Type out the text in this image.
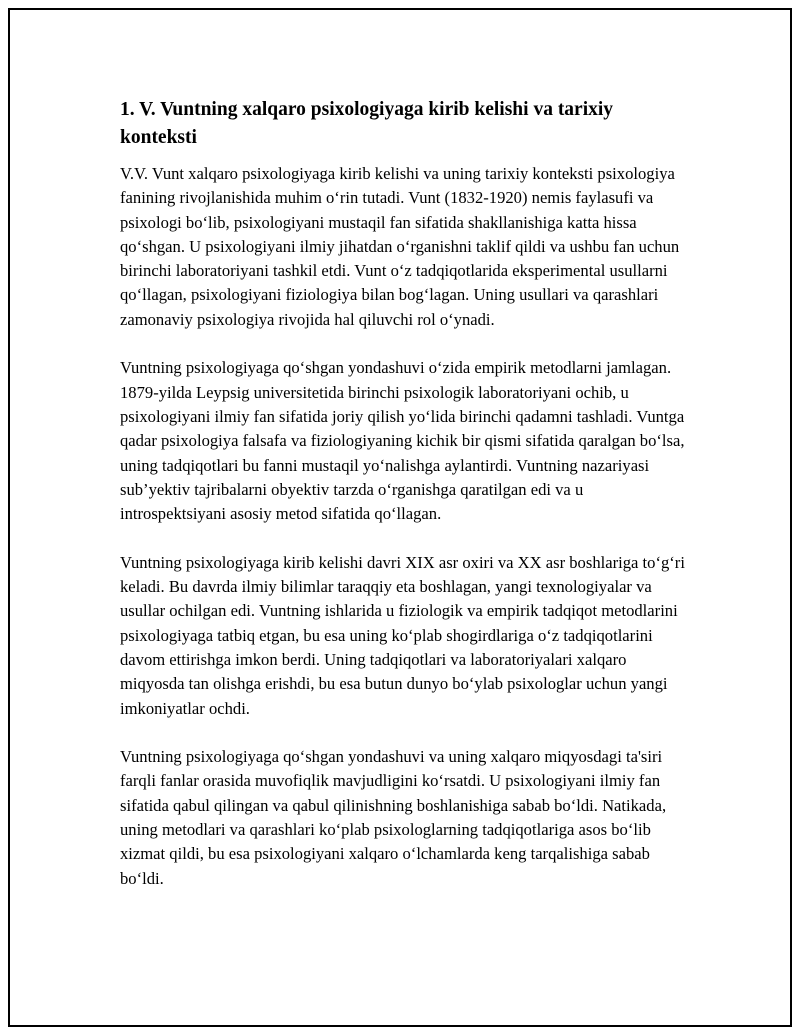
1. V. Vuntning xalqaro psixologiyaga kirib kelishi va tarixiy konteksti

V.V. Vunt xalqaro psixologiyaga kirib kelishi va uning tarixiy konteksti psixologiya fanining rivojlanishida muhim o‘rin tutadi. Vunt (1832-1920) nemis faylasufi va psixologi bo‘lib, psixologiyani mustaqil fan sifatida shakllanishiga katta hissa qo‘shgan. U psixologiyani ilmiy jihatdan o‘rganishni taklif qildi va ushbu fan uchun birinchi laboratoriyani tashkil etdi. Vunt o‘z tadqiqotlarida eksperimental usullarni qo‘llagan, psixologiyani fiziologiya bilan bog‘lagan. Uning usullari va qarashlari zamonaviy psixologiya rivojida hal qiluvchi rol o‘ynadi.

Vuntning psixologiyaga qo‘shgan yondashuvi o‘zida empirik metodlarni jamlagan. 1879-yilda Leypsig universitetida birinchi psixologik laboratoriyani ochib, u psixologiyani ilmiy fan sifatida joriy qilish yo‘lida birinchi qadamni tashladi. Vuntga qadar psixologiya falsafa va fiziologiyaning kichik bir qismi sifatida qaralgan bo‘lsa, uning tadqiqotlari bu fanni mustaqil yo‘nalishga aylantirdi. Vuntning nazariyasi sub’yektiv tajribalarni obyektiv tarzda o‘rganishga qaratilgan edi va u introspektsiyani asosiy metod sifatida qo‘llagan.

Vuntning psixologiyaga kirib kelishi davri XIX asr oxiri va XX asr boshlariga to‘g‘ri keladi. Bu davrda ilmiy bilimlar taraqqiy eta boshlagan, yangi texnologiyalar va usullar ochilgan edi. Vuntning ishlarida u fiziologik va empirik tadqiqot metodlarini psixologiyaga tatbiq etgan, bu esa uning ko‘plab shogirdlariga o‘z tadqiqotlarini davom ettirishga imkon berdi. Uning tadqiqotlari va laboratoriyalari xalqaro miqyosda tan olishga erishdi, bu esa butun dunyo bo‘ylab psixologlar uchun yangi imkoniyatlar ochdi.

Vuntning psixologiyaga qo‘shgan yondashuvi va uning xalqaro miqyosdagi ta'siri farqli fanlar orasida muvofiqlik mavjudligini ko‘rsatdi. U psixologiyani ilmiy fan sifatida qabul qilingan va qabul qilinishning boshlanishiga sabab bo‘ldi. Natikada, uning metodlari va qarashlari ko‘plab psixologlarning tadqiqotlariga asos bo‘lib xizmat qildi, bu esa psixologiyani xalqaro o‘lchamlarda keng tarqalishiga sabab bo‘ldi.
